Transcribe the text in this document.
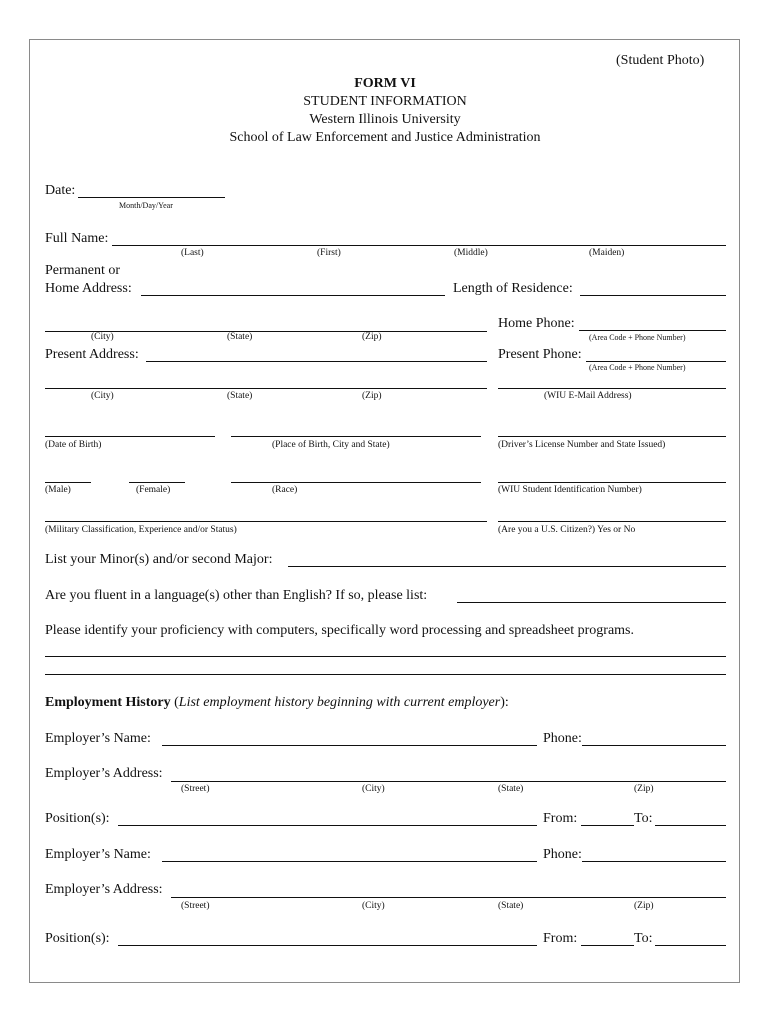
(Student Photo)
FORM VI
STUDENT INFORMATION
Western Illinois University
School of Law Enforcement and Justice Administration
Date:
Month/Day/Year
Full Name:
(Last)	(First)	(Middle)	(Maiden)
Permanent or
Home Address:	Length of Residence:
Home Phone:
(City)	(State)	(Zip)	(Area Code + Phone Number)
Present Address:	Present Phone:
(Area Code + Phone Number)
(City)	(State)	(Zip)	(WIU E-Mail Address)
(Date of Birth)	(Place of Birth, City and State)	(Driver’s License Number and State Issued)
(Male)	(Female)	(Race)	(WIU Student Identification Number)
(Military Classification, Experience and/or Status)	(Are you a U.S. Citizen?) Yes or No
List your Minor(s) and/or second Major:
Are you fluent in a language(s) other than English? If so, please list:
Please identify your proficiency with computers, specifically word processing and spreadsheet programs.
Employment History (List employment history beginning with current employer):
Employer’s Name:	Phone:
Employer’s Address:
(Street)	(City)	(State)	(Zip)
Position(s):	From:	To:
Employer’s Name:	Phone:
Employer’s Address:
(Street)	(City)	(State)	(Zip)
Position(s):	From:	To:
